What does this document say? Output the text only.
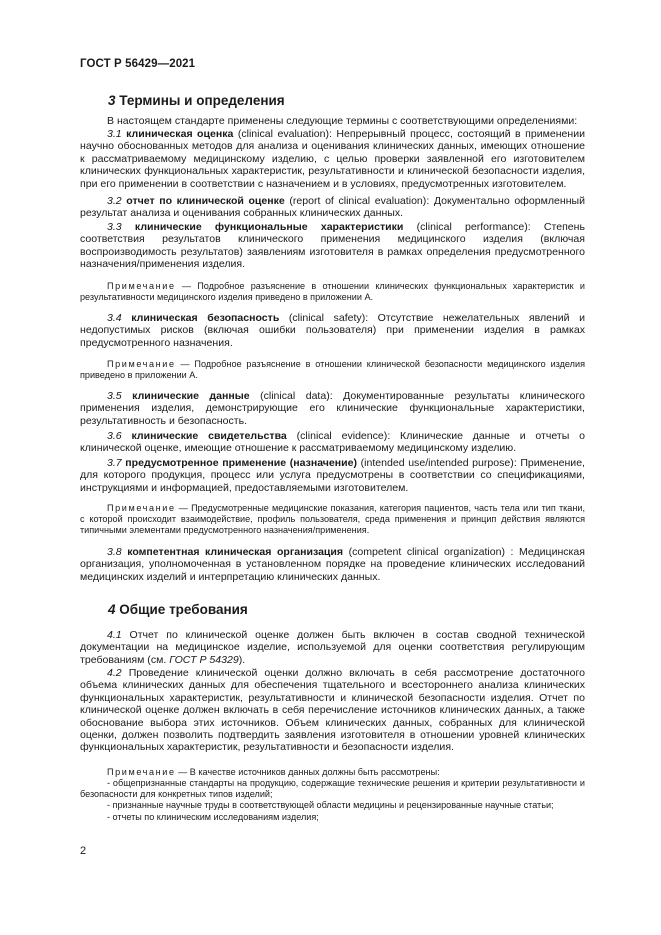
ГОСТ Р 56429—2021
3 Термины и определения

В настоящем стандарте применены следующие термины с соответствующими определениями:

3.1 клиническая оценка (clinical evaluation): Непрерывный процесс, состоящий в применении научно обоснованных методов для анализа и оценивания клинических данных, имеющих отношение к рассматриваемому медицинскому изделию, с целью проверки заявленной его изготовителем клинических функциональных характеристик, результативности и клинической безопасности изделия, при его применении в соответствии с назначением и в условиях, предусмотренных изготовителем.

3.2 отчет по клинической оценке (report of clinical evaluation): Документально оформленный результат анализа и оценивания собранных клинических данных.

3.3 клинические функциональные характеристики (clinical performance): Степень соответствия результатов клинического применения медицинского изделия (включая воспроизводимость результатов) заявлениям изготовителя в рамках определения предусмотренного назначения/применения изделия.

Примечание — Подробное разъяснение в отношении клинических функциональных характеристик и результативности медицинского изделия приведено в приложении А.

3.4 клиническая безопасность (clinical safety): Отсутствие нежелательных явлений и недопустимых рисков (включая ошибки пользователя) при применении изделия в рамках предусмотренного назначения.

Примечание — Подробное разъяснение в отношении клинической безопасности медицинского изделия приведено в приложении А.

3.5 клинические данные (clinical data): Документированные результаты клинического применения изделия, демонстрирующие его клинические функциональные характеристики, результативность и безопасность.

3.6 клинические свидетельства (clinical evidence): Клинические данные и отчеты о клинической оценке, имеющие отношение к рассматриваемому медицинскому изделию.

3.7 предусмотренное применение (назначение) (intended use/intended purpose): Применение, для которого продукция, процесс или услуга предусмотрены в соответствии со спецификациями, инструкциями и информацией, предоставляемыми изготовителем.

Примечание — Предусмотренные медицинские показания, категория пациентов, часть тела или тип ткани, с которой происходит взаимодействие, профиль пользователя, среда применения и принцип действия являются типичными элементами предусмотренного назначения/применения.

3.8 компетентная клиническая организация (competent clinical organization) : Медицинская организация, уполномоченная в установленном порядке на проведение клинических исследований медицинских изделий и интерпретацию клинических данных.

4 Общие требования

4.1 Отчет по клинической оценке должен быть включен в состав сводной технической документации на медицинское изделие, используемой для оценки соответствия регулирующим требованиям (см. ГОСТ Р 54329).

4.2 Проведение клинической оценки должно включать в себя рассмотрение достаточного объема клинических данных для обеспечения тщательного и всестороннего анализа клинических функциональных характеристик, результативности и клинической безопасности изделия. Отчет по клинической оценке должен включать в себя перечисление источников клинических данных, а также обоснование выбора этих источников. Объем клинических данных, собранных для клинической оценки, должен позволить подтвердить заявления изготовителя в отношении уровней клинических функциональных характеристик, результативности и безопасности изделия.

Примечание — В качестве источников данных должны быть рассмотрены:

- общепризнанные стандарты на продукцию, содержащие технические решения и критерии результативности и безопасности для конкретных типов изделий;
- признанные научные труды в соответствующей области медицины и рецензированные научные статьи;
- отчеты по клиническим исследованиям изделия;
2
